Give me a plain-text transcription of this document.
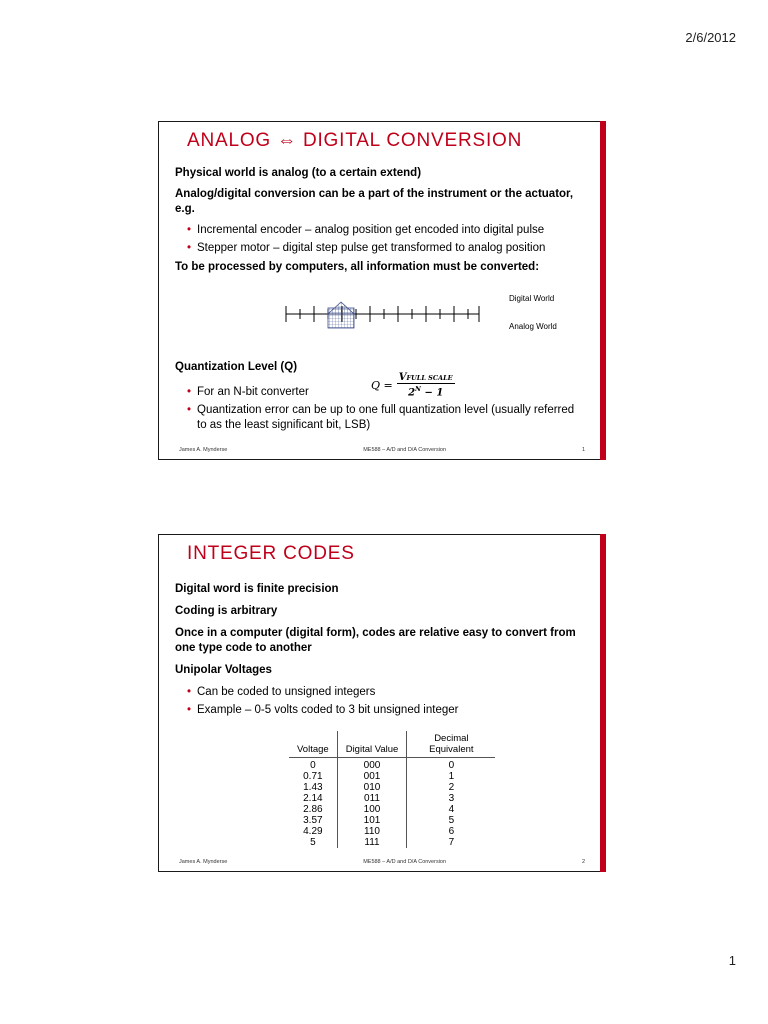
2/6/2012
ANALOG ⇔ DIGITAL CONVERSION

Physical world is analog (to a certain extend)

Analog/digital conversion can be a part of the instrument or the actuator, e.g.

• Incremental encoder – analog position get encoded into digital pulse
• Stepper motor – digital step pulse get transformed to analog position

To be processed by computers, all information must be converted:

Digital World
Analog World

Quantization Level (Q)

• For an N-bit converter
• Quantization error can be up to one full quantization level (usually referred to as the least significant bit, LSB)
$Q = \frac{\text{VFULL SCALE}}{2^N - 1}$
James A. Mynderse	ME588 – A/D and D/A Conversion	1
INTEGER CODES

Digital word is finite precision

Coding is arbitrary

Once in a computer (digital form), codes are relative easy to convert from one type code to another

Unipolar Voltages

• Can be coded to unsigned integers
• Example – 0-5 volts coded to 3 bit unsigned integer
Voltage	Digital Value	Decimal Equivalent
0	000	0
0.71	001	1
1.43	010	2
2.14	011	3
2.86	100	4
3.57	101	5
4.29	110	6
5	111	7
James A. Mynderse	ME588 – A/D and D/A Conversion	2
1
